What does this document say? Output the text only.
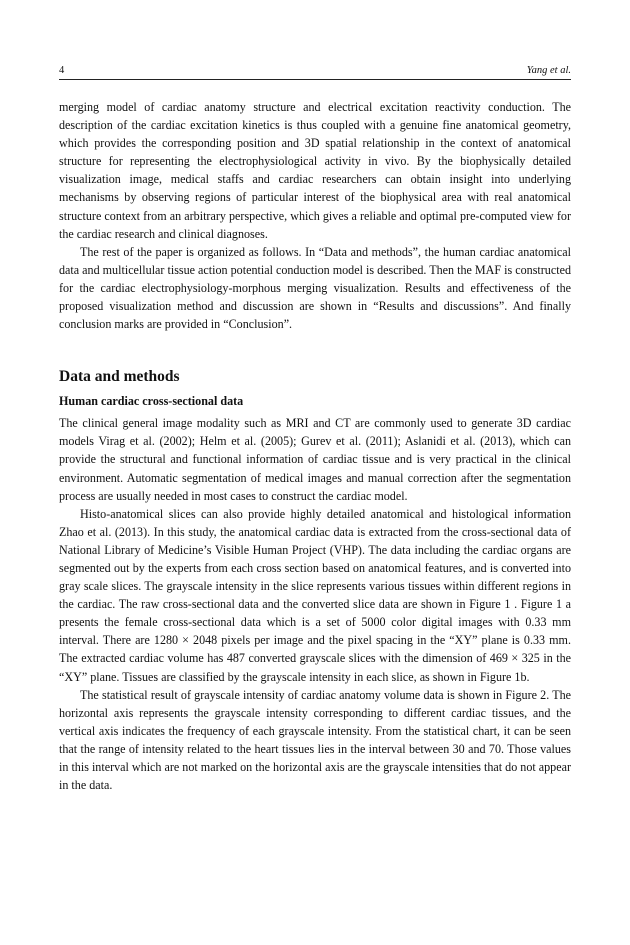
4	Yang et al.

merging model of cardiac anatomy structure and electrical excitation reactivity conduction. The description of the cardiac excitation kinetics is thus coupled with a genuine fine anatomical geometry, which provides the corresponding position and 3D spatial relationship in the context of anatomical structure for representing the electrophysiological activity in vivo. By the biophysically detailed visualization image, medical staffs and cardiac researchers can obtain insight into underlying mechanisms by observing regions of particular interest of the biophysical area with real anatomical structure context from an arbitrary perspective, which gives a reliable and optimal pre-computed view for the cardiac research and clinical diagnoses.

The rest of the paper is organized as follows. In “Data and methods”, the human cardiac anatomical data and multicellular tissue action potential conduction model is described. Then the MAF is constructed for the cardiac electrophysiology-morphous merging visualization. Results and effectiveness of the proposed visualization method and discussion are shown in “Results and discussions”. And finally conclusion marks are provided in “Conclusion”.

Data and methods
Human cardiac cross-sectional data

The clinical general image modality such as MRI and CT are commonly used to generate 3D cardiac models Virag et al. (2002); Helm et al. (2005); Gurev et al. (2011); Aslanidi et al. (2013), which can provide the structural and functional information of cardiac tissue and is very practical in the clinical environment. Automatic segmentation of medical images and manual correction after the segmentation process are usually needed in most cases to construct the cardiac model.

Histo-anatomical slices can also provide highly detailed anatomical and histological information Zhao et al. (2013). In this study, the anatomical cardiac data is extracted from the cross-sectional data of National Library of Medicine’s Visible Human Project (VHP). The data including the cardiac organs are segmented out by the experts from each cross section based on anatomical features, and is converted into gray scale slices. The grayscale intensity in the slice represents various tissues within different regions in the cardiac. The raw cross-sectional data and the converted slice data are shown in Figure 1 . Figure 1 a presents the female cross-sectional data which is a set of 5000 color digital images with 0.33 mm interval. There are 1280 × 2048 pixels per image and the pixel spacing in the “XY” plane is 0.33 mm. The extracted cardiac volume has 487 converted grayscale slices with the dimension of 469 × 325 in the “XY” plane. Tissues are classified by the grayscale intensity in each slice, as shown in Figure 1b.

The statistical result of grayscale intensity of cardiac anatomy volume data is shown in Figure 2. The horizontal axis represents the grayscale intensity corresponding to different cardiac tissues, and the vertical axis indicates the frequency of each grayscale intensity. From the statistical chart, it can be seen that the range of intensity related to the heart tissues lies in the interval between 30 and 70. Those values in this interval which are not marked on the horizontal axis are the grayscale intensities that do not appear in the data.
